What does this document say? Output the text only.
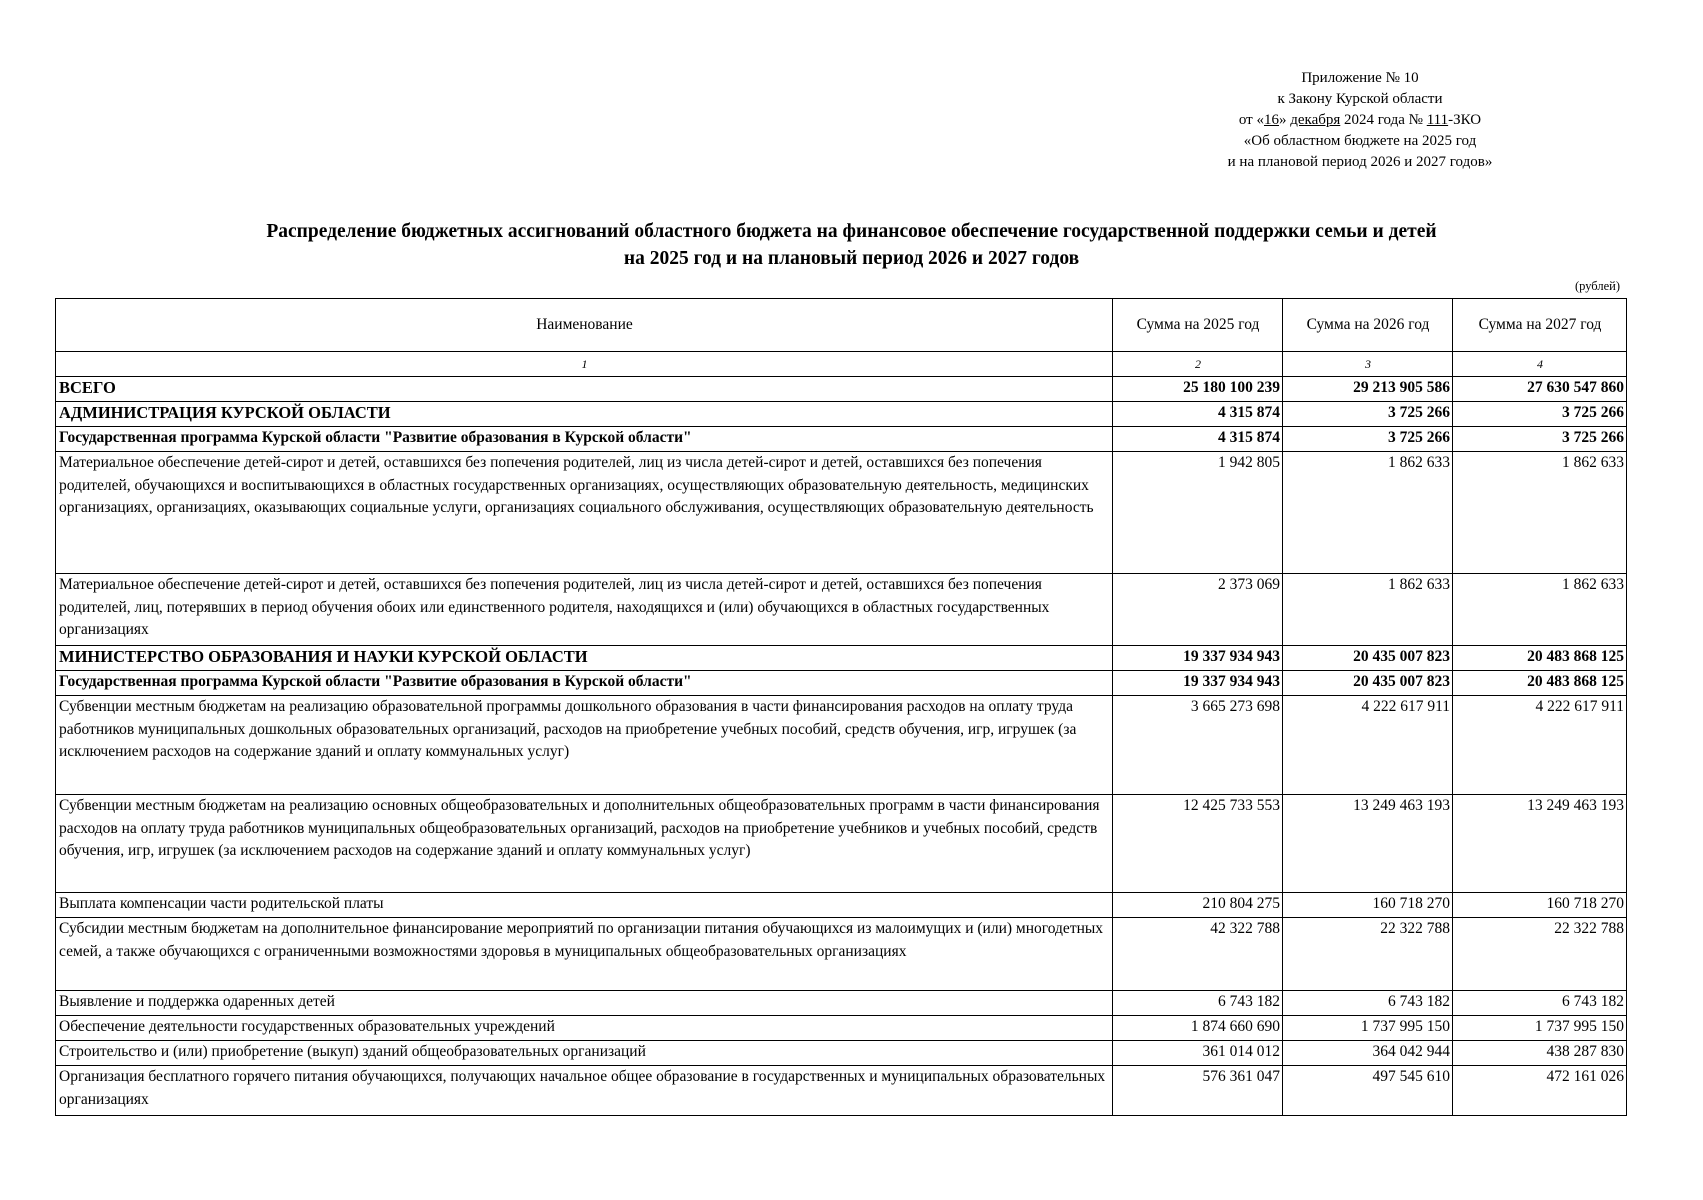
Приложение № 10
к Закону Курской области
от «16» декабря 2024 года № 111-ЗКО
«Об областном бюджете на 2025 год
и на плановой период 2026 и 2027 годов»
Распределение бюджетных ассигнований областного бюджета на финансовое обеспечение государственной поддержки семьи и детей
на 2025 год и на плановый период 2026 и 2027 годов
(рублей)
Наименование	Сумма на 2025 год	Сумма на 2026 год	Сумма на 2027 год
1	2	3	4
ВСЕГО	25 180 100 239	29 213 905 586	27 630 547 860
АДМИНИСТРАЦИЯ КУРСКОЙ ОБЛАСТИ	4 315 874	3 725 266	3 725 266
Государственная программа Курской области "Развитие образования в Курской области"	4 315 874	3 725 266	3 725 266
Материальное обеспечение детей-сирот и детей, оставшихся без попечения родителей, лиц из числа детей-сирот и детей, оставшихся без попечения родителей, обучающихся и воспитывающихся в областных государственных организациях, осуществляющих образовательную деятельность, медицинских организациях, организациях, оказывающих социальные услуги, организациях социального обслуживания, осуществляющих образовательную деятельность	1 942 805	1 862 633	1 862 633
Материальное обеспечение детей-сирот и детей, оставшихся без попечения родителей, лиц из числа детей-сирот и детей, оставшихся без попечения родителей, лиц, потерявших в период обучения обоих или единственного родителя, находящихся и (или) обучающихся в областных государственных организациях	2 373 069	1 862 633	1 862 633
МИНИСТЕРСТВО ОБРАЗОВАНИЯ И НАУКИ КУРСКОЙ ОБЛАСТИ	19 337 934 943	20 435 007 823	20 483 868 125
Государственная программа Курской области "Развитие образования в Курской области"	19 337 934 943	20 435 007 823	20 483 868 125
Субвенции местным бюджетам на реализацию образовательной программы дошкольного образования в части финансирования расходов на оплату труда работников муниципальных дошкольных образовательных организаций, расходов на приобретение учебных пособий, средств обучения, игр, игрушек (за исключением расходов на содержание зданий и оплату коммунальных услуг)	3 665 273 698	4 222 617 911	4 222 617 911
Субвенции местным бюджетам на реализацию основных общеобразовательных и дополнительных общеобразовательных программ в части финансирования расходов на оплату труда работников муниципальных общеобразовательных организаций, расходов на приобретение учебников и учебных пособий, средств обучения, игр, игрушек (за исключением расходов на содержание зданий и оплату коммунальных услуг)	12 425 733 553	13 249 463 193	13 249 463 193
Выплата компенсации части родительской платы	210 804 275	160 718 270	160 718 270
Субсидии местным бюджетам на дополнительное финансирование мероприятий по организации питания обучающихся из малоимущих и (или) многодетных семей, а также обучающихся с ограниченными возможностями здоровья в муниципальных общеобразовательных организациях	42 322 788	22 322 788	22 322 788
Выявление и поддержка одаренных детей	6 743 182	6 743 182	6 743 182
Обеспечение деятельности государственных образовательных учреждений	1 874 660 690	1 737 995 150	1 737 995 150
Строительство и (или) приобретение (выкуп) зданий общеобразовательных организаций	361 014 012	364 042 944	438 287 830
Организация бесплатного горячего питания обучающихся, получающих начальное общее образование в государственных и муниципальных образовательных организациях	576 361 047	497 545 610	472 161 026
